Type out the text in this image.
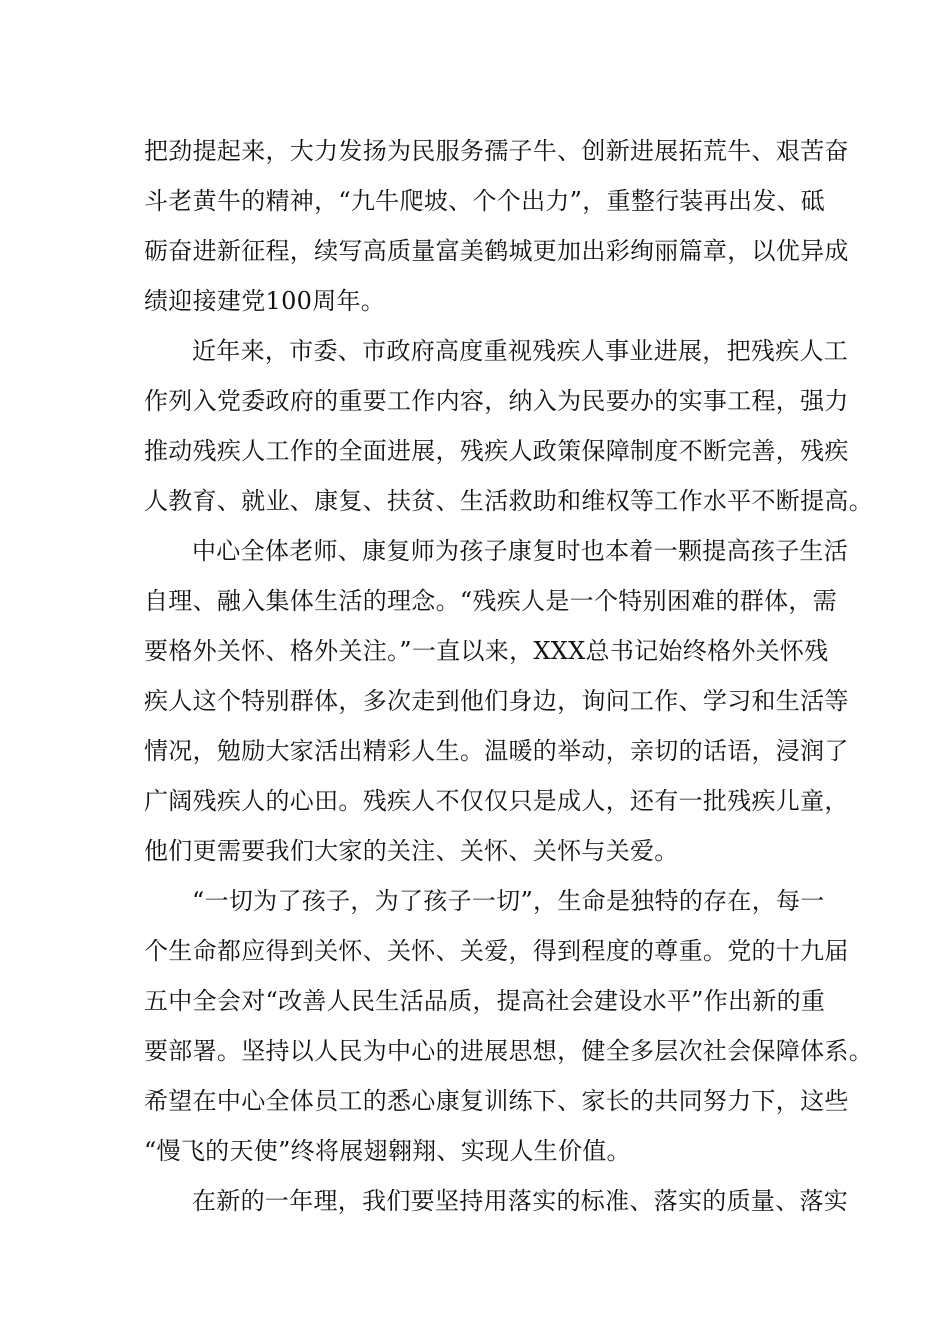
把劲提起来，大力发扬为民服务孺子牛、创新进展拓荒牛、艰苦奋
斗老黄牛的精神，“九牛爬坡、个个出力”，重整行装再出发、砥
砺奋进新征程，续写高质量富美鹤城更加出彩绚丽篇章，以优异成
绩迎接建党100周年。
近年来，市委、市政府高度重视残疾人事业进展，把残疾人工
作列入党委政府的重要工作内容，纳入为民要办的实事工程，强力
推动残疾人工作的全面进展，残疾人政策保障制度不断完善，残疾
人教育、就业、康复、扶贫、生活救助和维权等工作水平不断提高。
中心全体老师、康复师为孩子康复时也本着一颗提高孩子生活
自理、融入集体生活的理念。“残疾人是一个特别困难的群体，需
要格外关怀、格外关注。”一直以来，XXX总书记始终格外关怀残
疾人这个特别群体，多次走到他们身边，询问工作、学习和生活等
情况，勉励大家活出精彩人生。温暖的举动，亲切的话语，浸润了
广阔残疾人的心田。残疾人不仅仅只是成人，还有一批残疾儿童，
他们更需要我们大家的关注、关怀、关怀与关爱。
“一切为了孩子，为了孩子一切”，生命是独特的存在，每一
个生命都应得到关怀、关怀、关爱，得到程度的尊重。党的十九届
五中全会对“改善人民生活品质，提高社会建设水平”作出新的重
要部署。坚持以人民为中心的进展思想，健全多层次社会保障体系。
希望在中心全体员工的悉心康复训练下、家长的共同努力下，这些
“慢飞的天使”终将展翅翱翔、实现人生价值。
在新的一年理，我们要坚持用落实的标准、落实的质量、落实
